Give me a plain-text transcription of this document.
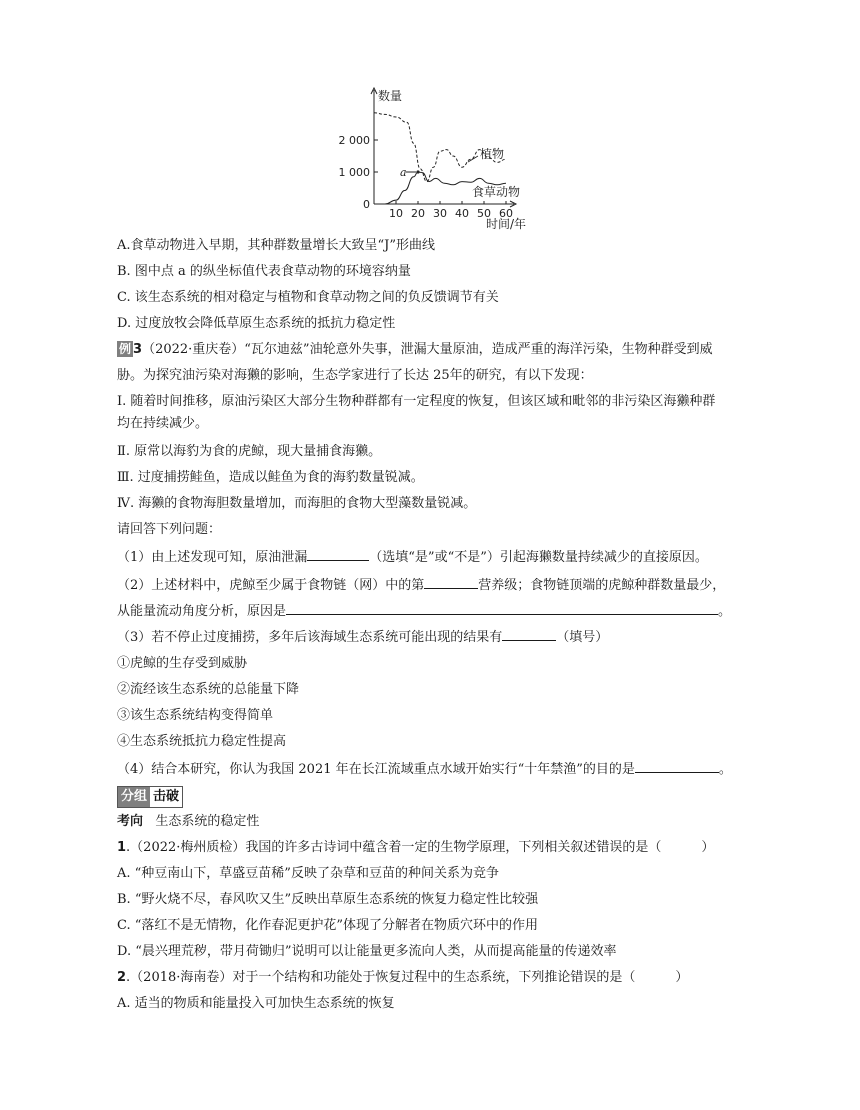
数量
时间/年
0
1 000
2 000
10 20 30 40 50 60
a
植物
食草动物
A.食草动物进入早期，其种群数量增长大致呈“J”形曲线
B. 图中点 a 的纵坐标值代表食草动物的环境容纳量
C. 该生态系统的相对稳定与植物和食草动物之间的负反馈调节有关
D. 过度放牧会降低草原生态系统的抵抗力稳定性
例 3（2022·重庆卷）“瓦尔迪兹”油轮意外失事，泄漏大量原油，造成严重的海洋污染，生物种群受到威
胁。为探究油污染对海獭的影响，生态学家进行了长达 25年的研究，有以下发现：
Ⅰ. 随着时间推移，原油污染区大部分生物种群都有一定程度的恢复，但该区域和毗邻的非污染区海獭种群
均在持续减少。
Ⅱ. 原常以海豹为食的虎鲸，现大量捕食海獭。
Ⅲ. 过度捕捞鲑鱼，造成以鲑鱼为食的海豹数量锐减。
Ⅳ. 海獭的食物海胆数量增加，而海胆的食物大型藻数量锐减。
请回答下列问题：
（1）由上述发现可知，原油泄漏	（选填“是”或“不是”）引起海獭数量持续减少的直接原因。
（2）上述材料中，虎鲸至少属于食物链（网）中的第	营养级；食物链顶端的虎鲸种群数量最少，
从能量流动角度分析，原因是	。
（3）若不停止过度捕捞，多年后该海域生态系统可能出现的结果有	（填号）
①虎鲸的生存受到威胁
②流经该生态系统的总能量下降
③该生态系统结构变得简单
④生态系统抵抗力稳定性提高
（4）结合本研究，你认为我国 2021 年在长江流域重点水域开始实行“十年禁渔”的目的是	。
分组 击破
考向 生态系统的稳定性
1.（2022·梅州质检）我国的许多古诗词中蕴含着一定的生物学原理，下列相关叙述错误的是（	）
A. “种豆南山下，草盛豆苗稀”反映了杂草和豆苗的种间关系为竞争
B. “野火烧不尽，春风吹又生”反映出草原生态系统的恢复力稳定性比较强
C. “落红不是无情物，化作春泥更护花”体现了分解者在物质穴环中的作用
D. “晨兴理荒秽，带月荷锄归”说明可以让能量更多流向人类，从而提高能量的传递效率
2.（2018·海南卷）对于一个结构和功能处于恢复过程中的生态系统，下列推论错误的是（	）
A. 适当的物质和能量投入可加快生态系统的恢复
